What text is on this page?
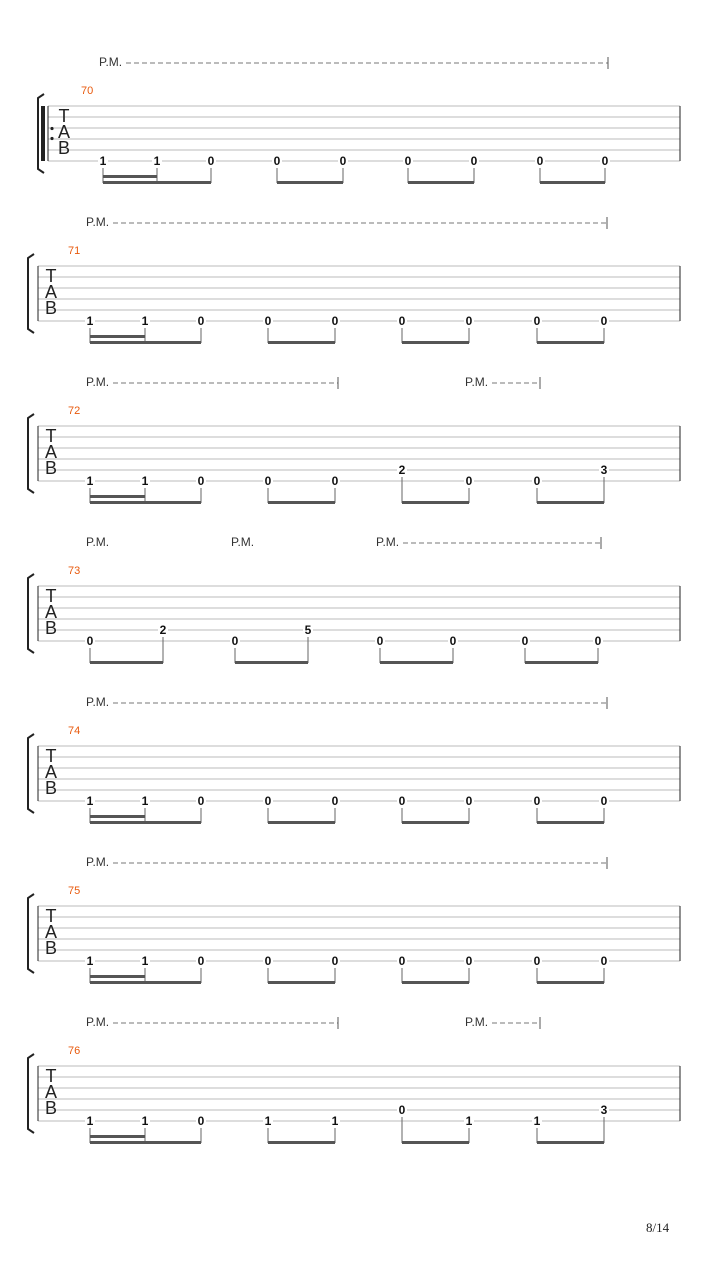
T
A
B
70
P.M.
1	1	0	0	0	0	0	0	0
T
A
B
71
P.M.
1	1	0	0	0	0	0	0	0
T
A
B
72
P.M.	P.M.
1	1	0	0	0
2
0	0
3
T
A
B
73
P.M.	P.M.	P.M.
0
2
0
5
0	0	0	0
T
A
B
74
P.M.
1	1	0	0	0	0	0	0	0
T
A
B
75
P.M.
1	1	0	0	0	0	0	0	0
T
A
B
76
P.M.	P.M.
1	1	0	1	1
0
1	1
3
8/14
